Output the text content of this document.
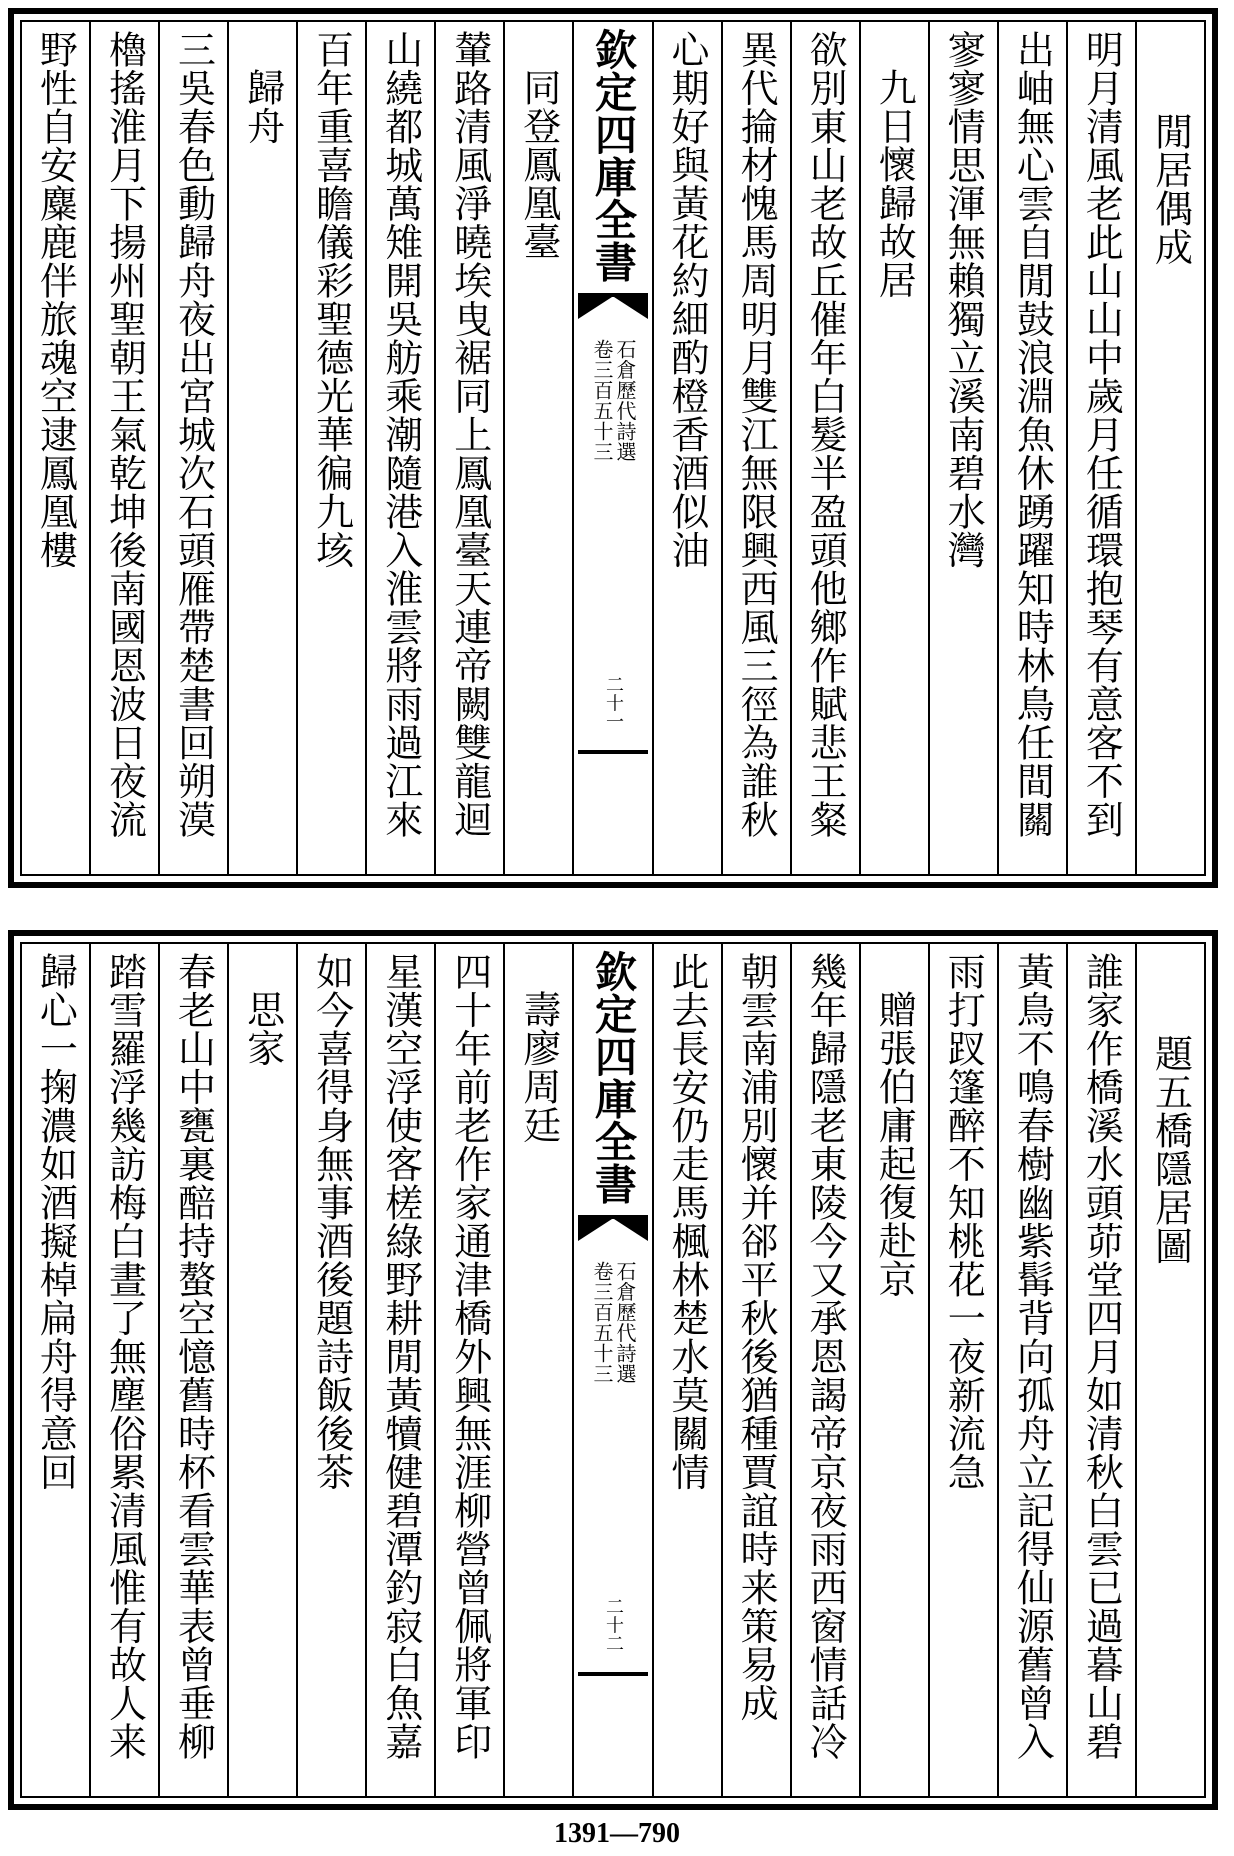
閒居偶成
明月清風老此山山中歲月任循環抱琴有意客不到
出岫無心雲自閒鼓浪淵魚休踴躍知時林鳥任間關
寥寥情思渾無賴獨立溪南碧水灣
九日懷歸故居
欲別東山老故丘催年白髮半盈頭他鄉作賦悲王粲
異代掄材愧馬周明月雙江無限興西風三徑為誰秋
心期好與黃花約細酌橙香酒似油
欽定四庫全書
石倉歷代詩選
卷三百五十三
二十一
同登鳳凰臺
輦路清風淨曉埃曳裾同上鳳凰臺天連帝闕雙龍迴
山繞都城萬雉開吳舫乘潮隨港入淮雲將雨過江來
百年重喜瞻儀彩聖德光華徧九垓
歸舟
三吳春色動歸舟夜出宮城次石頭雁帶楚書回朔漠
櫓搖淮月下揚州聖朝王氣乾坤後南國恩波日夜流
野性自安麋鹿伴旅魂空逮鳳凰樓
題五橋隱居圖
誰家作橋溪水頭茆堂四月如清秋白雲已過暮山碧
黃鳥不鳴春樹幽紫髯背向孤舟立記得仙源舊曾入
雨打䟕篷醉不知桃花一夜新流急
贈張伯庸起復赴京
幾年歸隱老東陵今又承恩謁帝京夜雨西窗情話冷
朝雲南浦別懷并郤平秋後猶種賈誼時来策易成
此去長安仍走馬楓林楚水莫關情
欽定四庫全書
石倉歷代詩選
卷三百五十三
二十二
壽廖周廷
四十年前老作家通津橋外興無涯柳營曾佩將軍印
星漢空浮使客槎綠野耕閒黃犢健碧潭釣寂白魚嘉
如今喜得身無事酒後題詩飯後茶
思家
春老山中甕裏醅持螯空憶舊時杯看雲華表曾垂柳
踏雪羅浮幾訪梅白晝了無塵俗累清風惟有故人来
歸心一掬濃如酒擬棹扁舟得意回
1391—790
